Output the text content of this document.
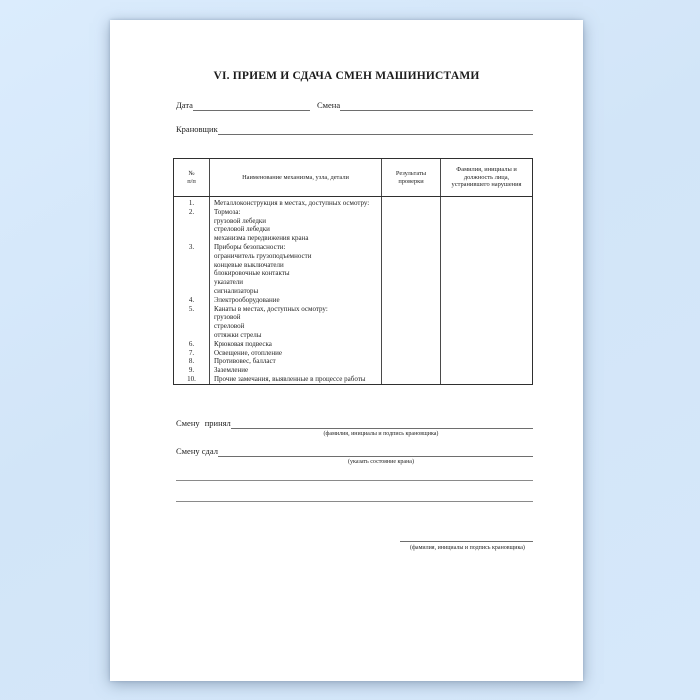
VI. ПРИЕМ И СДАЧА СМЕН МАШИНИСТАМИ
Дата	Смена
Крановщик
№
п/п
Наименование механизма, узла, детали
Результаты проверки
Фамилия, инициалы и должность лица, устранившего нарушения
1.
2.
3.
4.
5.
6.
7.
8.
9.
10.
Металлоконструкция в местах, доступных осмотру:
Тормоза:
грузовой лебедки
стреловой лебедки
механизма передвижения крана
Приборы безопасности:
ограничитель грузоподъемности
концевые выключатели
блокировочные контакты
указатели
сигнализаторы
Электрооборудование
Канаты в местах, доступных осмотру:
грузовой
стреловой
оттяжки стрелы
Крюковая подвеска
Освещение, отопление
Противовес, балласт
Заземление
Прочие замечания, выявленные в процессе работы
Смену принял
(фамилия, инициалы и подпись крановщика)
Смену сдал
(указать состояние крана)
(фамилия, инициалы и подпись крановщика)
